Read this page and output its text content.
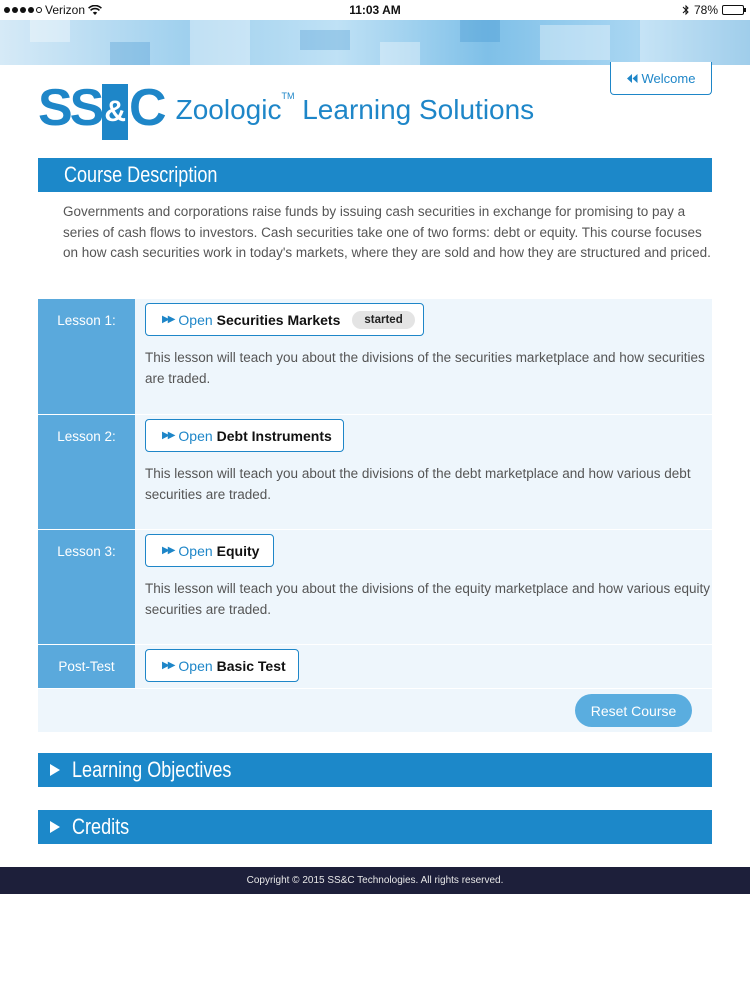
Verizon	11:03 AM	78%
SS &C Zoologic™ Learning Solutions
Welcome
Course Description
Governments and corporations raise funds by issuing cash securities in exchange for promising to pay a series of cash flows to investors. Cash securities take one of two forms: debt or equity. This course focuses on how cash securities work in today's markets, where they are sold and how they are structured and priced.
Lesson 1:	▶▶ Open Securities Markets	started
This lesson will teach you about the divisions of the securities marketplace and how securities are traded.
Lesson 2:	▶▶ Open Debt Instruments
This lesson will teach you about the divisions of the debt marketplace and how various debt securities are traded.
Lesson 3:	▶▶ Open Equity
This lesson will teach you about the divisions of the equity marketplace and how various equity securities are traded.
Post-Test	▶▶ Open Basic Test
Reset Course
Learning Objectives
Credits
Copyright © 2015 SS&C Technologies. All rights reserved.
